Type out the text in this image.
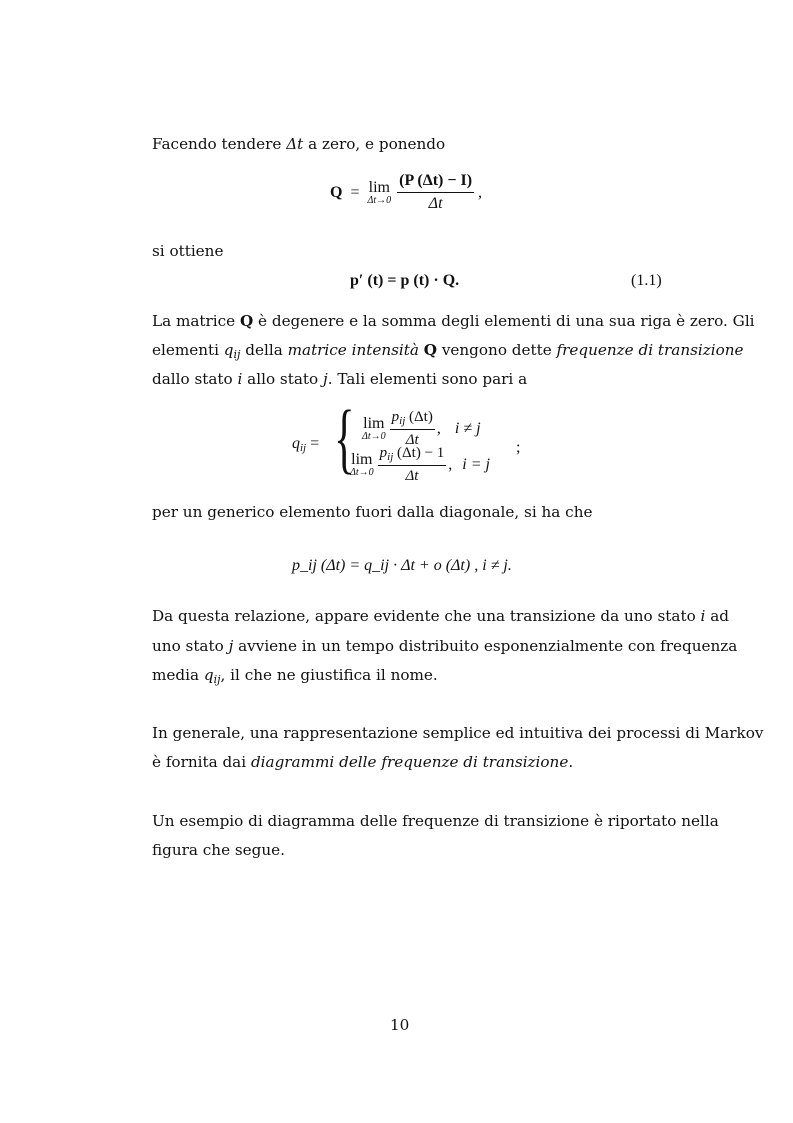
Facendo tendere Δt a zero, e ponendo
Q = lim
$\Delta t\to 0 \frac{(P (\Delta t) - I)}{\Delta t}$ ,
si ottiene
p′ (t) = p (t) · Q.	(1.1)
La matrice Q è degenere e la somma degli elementi di una sua riga è zero. Gli
elementi $q_{ij}$ della matrice intensità Q vengono dette frequenze di transizione
dallo stato i allo stato j. Tali elementi sono pari a
$q_{ij}$ = { lim
$\Delta t\to 0 \frac{p_{ij} (\Delta t)}{\Delta t}$ , i ≠ j
lim
$\Delta t\to 0 \frac{p_{ij} (\Delta t) - 1}{\Delta t}$ , i = j
;
per un generico elemento fuori dalla diagonale, si ha che
p_ij (Δt) = q_ij · Δt + o (Δt) , i ≠ j.
Da questa relazione, appare evidente che una transizione da uno stato i ad
uno stato j avviene in un tempo distribuito esponenzialmente con frequenza
media $q_{ij}$, il che ne giustifica il nome.
In generale, una rappresentazione semplice ed intuitiva dei processi di Markov
è fornita dai diagrammi delle frequenze di transizione.
Un esempio di diagramma delle frequenze di transizione è riportato nella
figura che segue.
10
